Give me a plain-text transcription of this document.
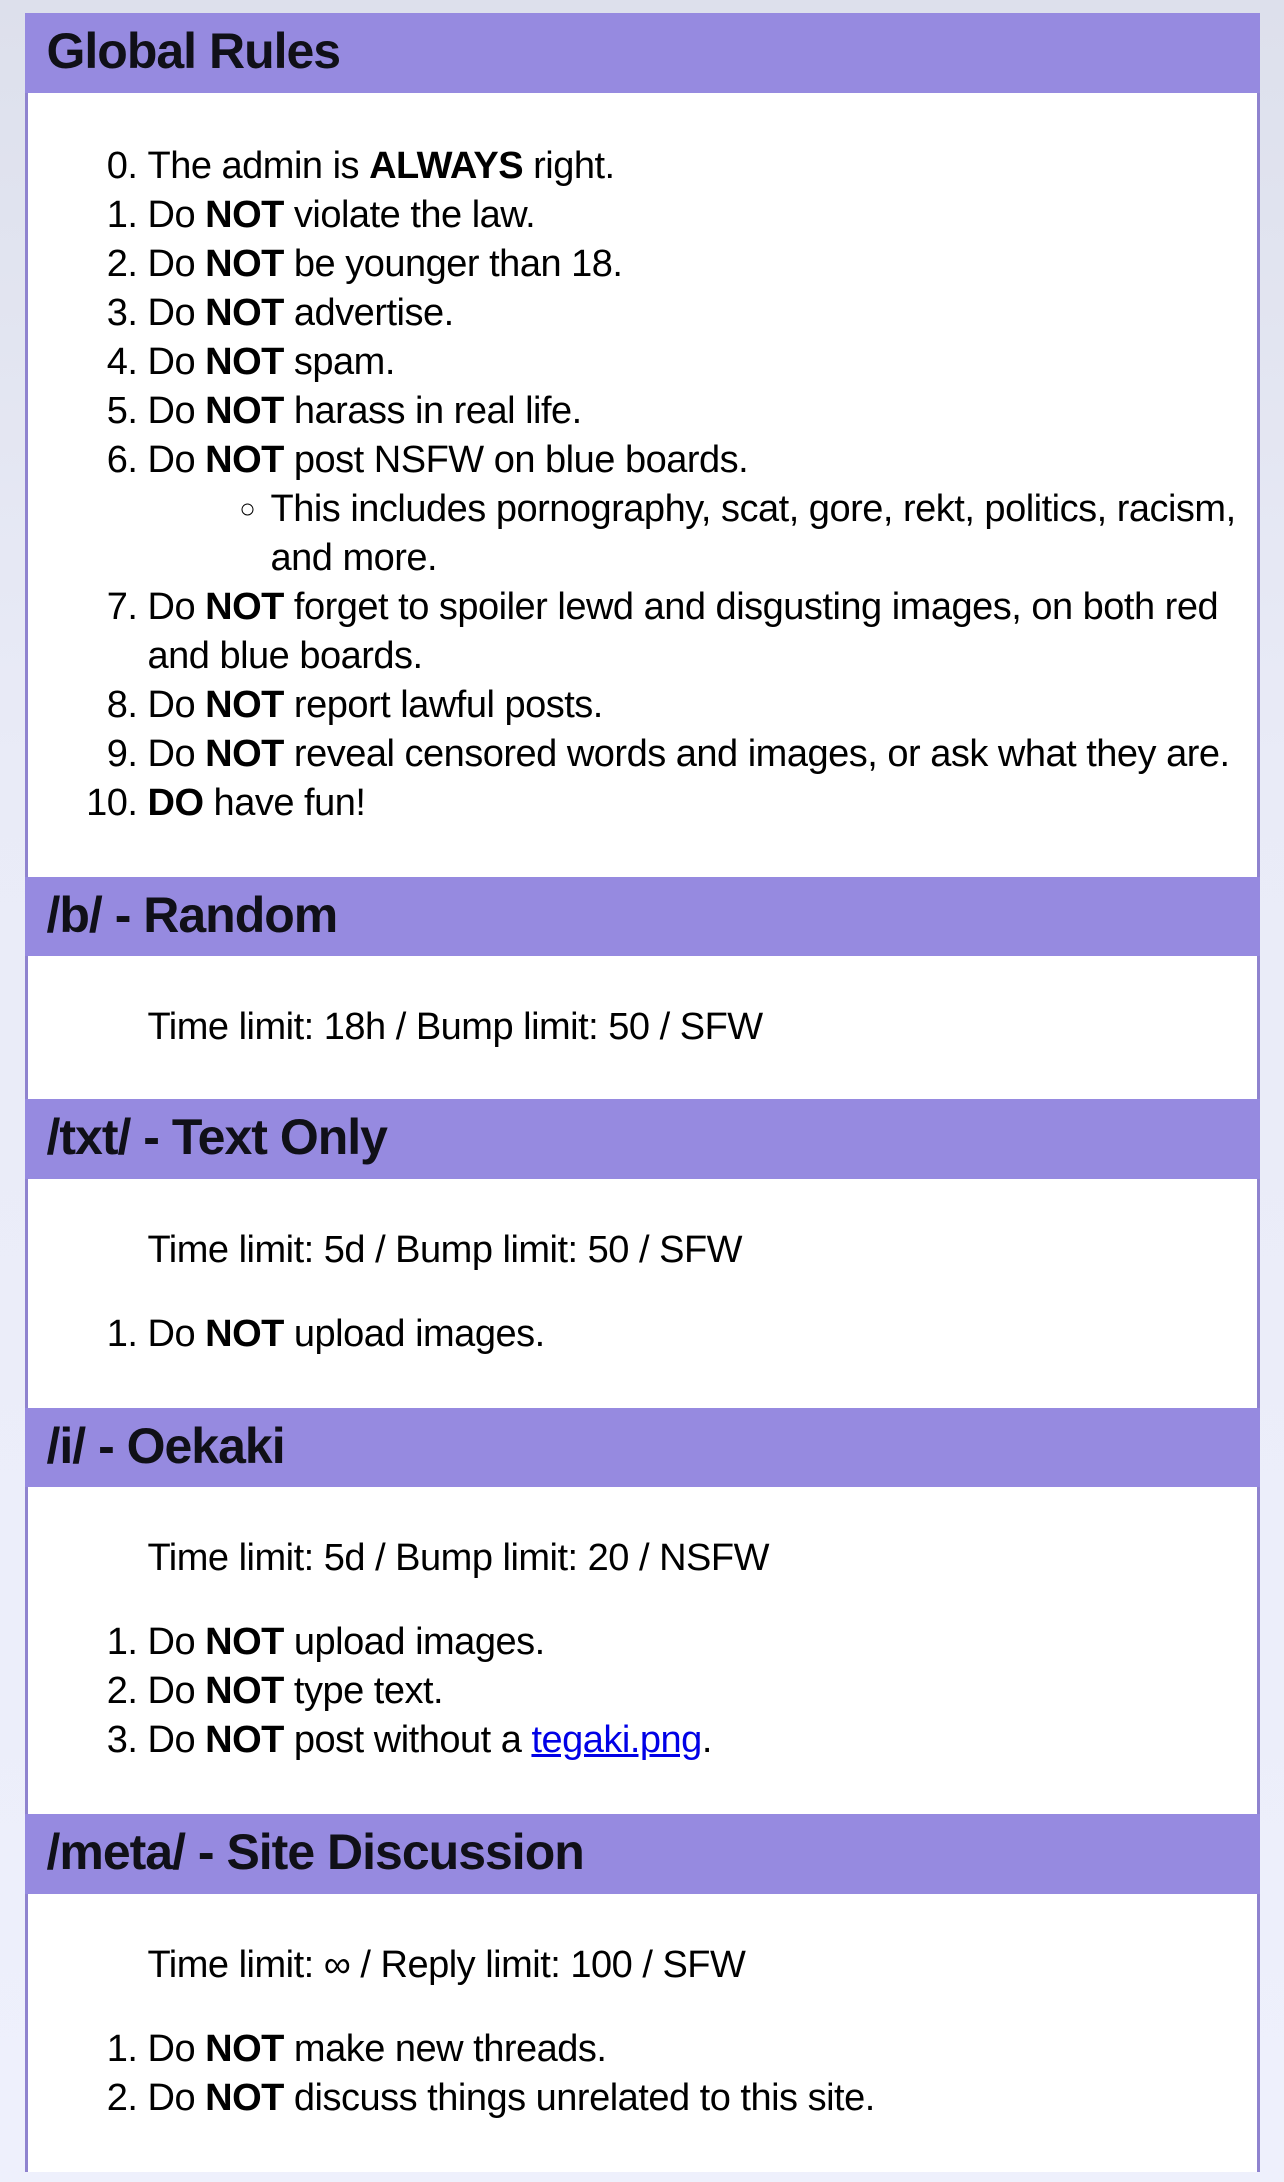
Global Rules
0. The admin is ALWAYS right.
1. Do NOT violate the law.
2. Do NOT be younger than 18.
3. Do NOT advertise.
4. Do NOT spam.
5. Do NOT harass in real life.
6. Do NOT post NSFW on blue boards.
◦ This includes pornography, scat, gore, rekt, politics, racism, and more.
7. Do NOT forget to spoiler lewd and disgusting images, on both red and blue boards.
8. Do NOT report lawful posts.
9. Do NOT reveal censored words and images, or ask what they are.
10. DO have fun!
/b/ - Random

Time limit: 18h / Bump limit: 50 / SFW

/txt/ - Text Only

Time limit: 5d / Bump limit: 50 / SFW

1. Do NOT upload images.
/i/ - Oekaki

Time limit: 5d / Bump limit: 20 / NSFW

1. Do NOT upload images.
2. Do NOT type text.
3. Do NOT post without a tegaki.png.
/meta/ - Site Discussion

Time limit: ∞ / Reply limit: 100 / SFW

1. Do NOT make new threads.
2. Do NOT discuss things unrelated to this site.
